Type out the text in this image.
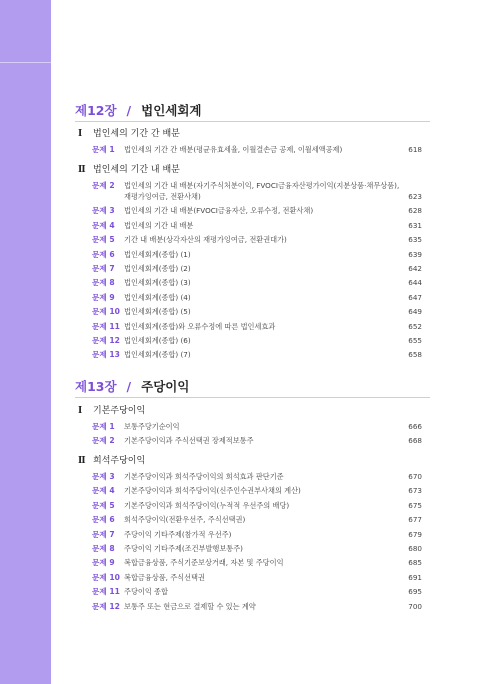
제12장 / 법인세회계
Ⅰ 법인세의 기간 간 배분
문제 1 법인세의 기간 간 배분(평균유효세율, 이월결손금 공제, 이월세액공제)	618
Ⅱ 법인세의 기간 내 배분
문제 2 법인세의 기간 내 배분(자기주식처분이익, FVOCI금융자산평가이익(지분상품·채무상품),
재평가잉여금, 전환사채)	623
문제 3 법인세의 기간 내 배분(FVOCI금융자산, 오류수정, 전환사채)	628
문제 4 법인세의 기간 내 배분	631
문제 5 기간 내 배분(상각자산의 재평가잉여금, 전환권대가)	635
문제 6 법인세회계(종합) (1)	639
문제 7 법인세회계(종합) (2)	642
문제 8 법인세회계(종합) (3)	644
문제 9 법인세회계(종합) (4)	647
문제 10 법인세회계(종합) (5)	649
문제 11 법인세회계(종합)와 오류수정에 따른 법인세효과	652
문제 12 법인세회계(종합) (6)	655
문제 13 법인세회계(종합) (7)	658
제13장 / 주당이익
Ⅰ 기본주당이익
문제 1 보통주당기순이익	666
문제 2 기본주당이익과 주식선택권 장제적보통주	668
Ⅱ 희석주당이익
문제 3 기본주당이익과 희석주당이익의 희석효과 판단기준	670
문제 4 기본주당이익과 희석주당이익(신주인수권부사채의 계산)	673
문제 5 기본주당이익과 희석주당이익(누적적 우선주의 배당)	675
문제 6 희석주당이익(전환우선주, 주식선택권)	677
문제 7 주당이익 기타주제(참가적 우선주)	679
문제 8 주당이익 기타주제(조건부발행보통주)	680
문제 9 복합금융상품, 주식기준보상거래, 자본 및 주당이익	685
문제 10 복합금융상품, 주식선택권	691
문제 11 주당이익 종합	695
문제 12 보통주 또는 현금으로 결제할 수 있는 계약	700
